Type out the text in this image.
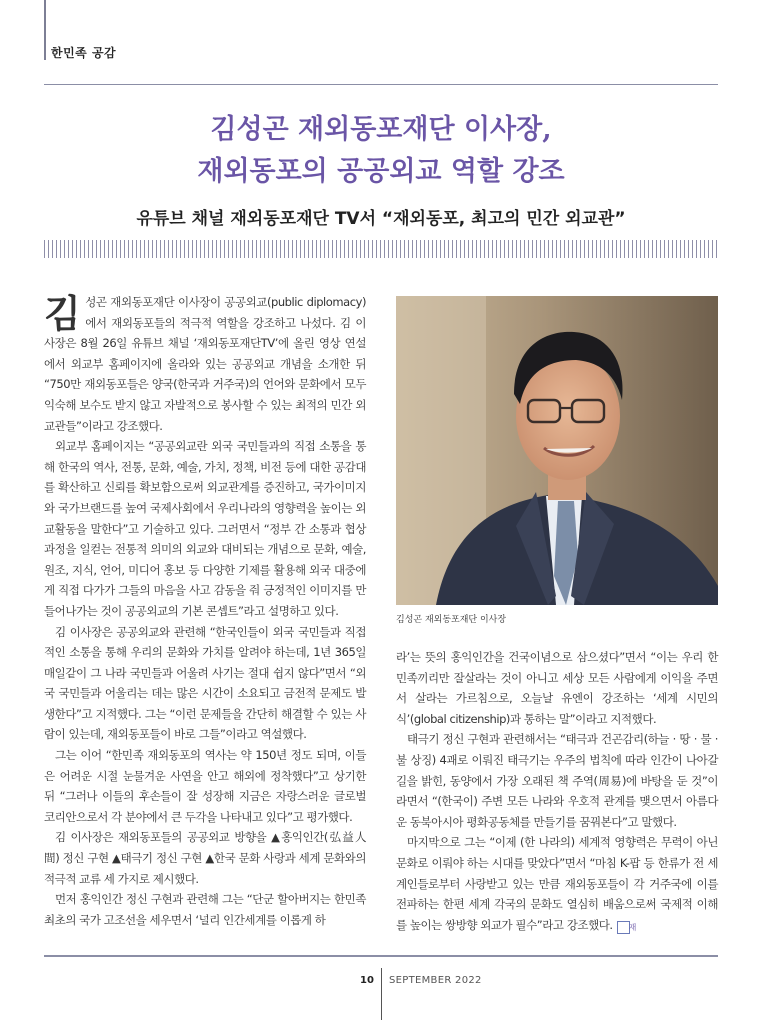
한민족 공감
김성곤 재외동포재단 이사장,
재외동포의 공공외교 역할 강조
유튜브 채널 재외동포재단 TV서 “재외동포, 최고의 민간 외교관”

김성곤 재외동포재단 이사장이 공공외교(public diplomacy)에서 재외동포들의 적극적 역할을 강조하고 나섰다. 김 이사장은 8월 26일 유튜브 채널 ‘재외동포재단TV’에 올린 영상 연설에서 외교부 홈페이지에 올라와 있는 공공외교 개념을 소개한 뒤 “750만 재외동포들은 양국(한국과 거주국)의 언어와 문화에서 모두 익숙해 보수도 받지 않고 자발적으로 봉사할 수 있는 최적의 민간 외교관들”이라고 강조했다.

외교부 홈페이지는 “공공외교란 외국 국민들과의 직접 소통을 통해 한국의 역사, 전통, 문화, 예술, 가치, 정책, 비전 등에 대한 공감대를 확산하고 신뢰를 확보함으로써 외교관계를 증진하고, 국가이미지와 국가브랜드를 높여 국제사회에서 우리나라의 영향력을 높이는 외교활동을 말한다”고 기술하고 있다. 그러면서 “정부 간 소통과 협상 과정을 일컫는 전통적 의미의 외교와 대비되는 개념으로 문화, 예술, 원조, 지식, 언어, 미디어 홍보 등 다양한 기제를 활용해 외국 대중에게 직접 다가가 그들의 마음을 사고 감동을 줘 긍정적인 이미지를 만들어나가는 것이 공공외교의 기본 콘셉트”라고 설명하고 있다.

김 이사장은 공공외교와 관련해 “한국인들이 외국 국민들과 직접적인 소통을 통해 우리의 문화와 가치를 알려야 하는데, 1년 365일 매일같이 그 나라 국민들과 어울려 사기는 절대 쉽지 않다”면서 “외국 국민들과 어울리는 데는 많은 시간이 소요되고 금전적 문제도 발생한다”고 지적했다. 그는 “이런 문제들을 간단히 해결할 수 있는 사람이 있는데, 재외동포들이 바로 그들”이라고 역설했다.

그는 이어 “한민족 재외동포의 역사는 약 150년 정도 되며, 이들은 어려운 시절 눈물겨운 사연을 안고 해외에 정착했다”고 상기한 뒤 “그러나 이들의 후손들이 잘 성장해 지금은 자랑스러운 글로벌 코리안으로서 각 분야에서 큰 두각을 나타내고 있다”고 평가했다.

김 이사장은 재외동포들의 공공외교 방향을 ▲홍익인간(弘益人間) 정신 구현 ▲태극기 정신 구현 ▲한국 문화 사랑과 세계 문화와의 적극적 교류 세 가지로 제시했다.

먼저 홍익인간 정신 구현과 관련해 그는 “단군 할아버지는 한민족 최초의 국가 고조선을 세우면서 ‘널리 인간세계를 이롭게 하

김성곤 재외동포재단 이사장

라’는 뜻의 홍익인간을 건국이념으로 삼으셨다”면서 “이는 우리 한민족끼리만 잘살라는 것이 아니고 세상 모든 사람에게 이익을 주면서 살라는 가르침으로, 오늘날 유엔이 강조하는 ‘세계 시민의식’(global citizenship)과 통하는 말”이라고 지적했다.

태극기 정신 구현과 관련해서는 “태극과 건곤감리(하늘 · 땅 · 물 · 불 상징) 4괘로 이뤄진 태극기는 우주의 법칙에 따라 인간이 나아갈 길을 밝힌, 동양에서 가장 오래된 책 주역(周易)에 바탕을 둔 것”이라면서 “(한국이) 주변 모든 나라와 우호적 관계를 맺으면서 아름다운 동북아시아 평화공동체를 만들기를 꿈꿔본다”고 말했다.

마지막으로 그는 “이제 (한 나라의) 세계적 영향력은 무력이 아닌 문화로 이뤄야 하는 시대를 맞았다”면서 “마침 K-팝 등 한류가 전 세계인들로부터 사랑받고 있는 만큼 재외동포들이 각 거주국에 이를 전파하는 한편 세계 각국의 문화도 열심히 배움으로써 국제적 이해를 높이는 쌍방향 외교가 필수”라고 강조했다. 재

10 SEPTEMBER 2022
